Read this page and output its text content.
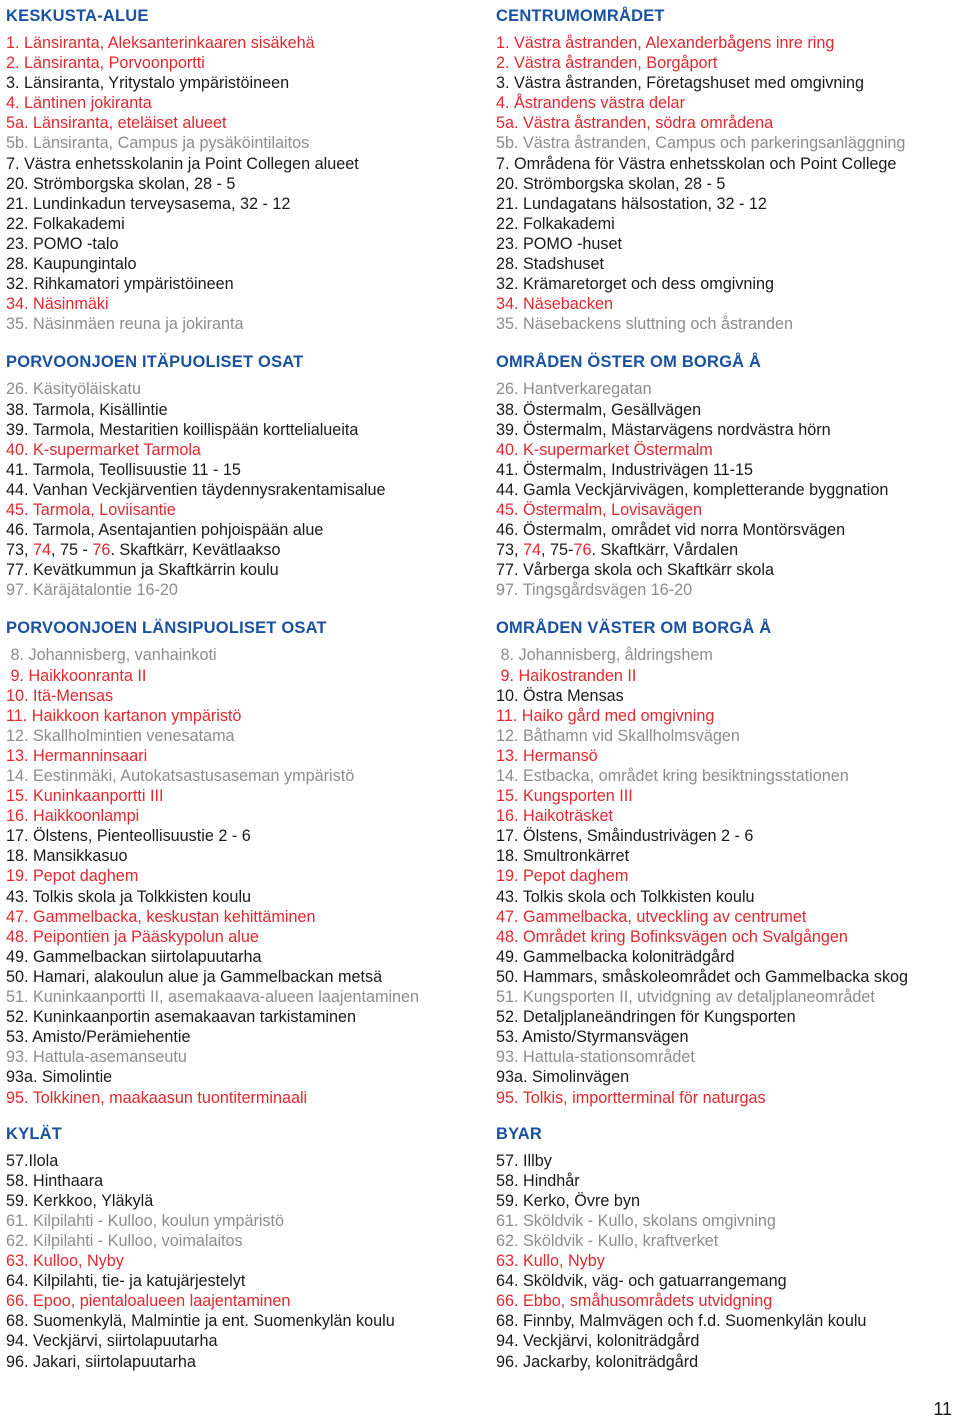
KESKUSTA-ALUE
1. Länsiranta, Aleksanterinkaaren sisäkehä
2. Länsiranta, Porvoonportti
3. Länsiranta, Yritystalo ympäristöineen
4. Läntinen jokiranta
5a. Länsiranta, eteläiset alueet
5b. Länsiranta, Campus ja pysäköintilaitos
7. Västra enhetsskolanin ja Point Collegen alueet
20. Strömborgska skolan, 28 - 5
21. Lundinkadun terveysasema, 32 - 12
22. Folkakademi
23. POMO -talo
28. Kaupungintalo
32. Rihkamatori ympäristöineen
34. Näsinmäki
35. Näsinmäen reuna ja jokiranta
PORVOONJOEN ITÄPUOLISET OSAT
26. Käsityöläiskatu
38. Tarmola, Kisällintie
39. Tarmola, Mestaritien koillispään korttelialueita
40. K-supermarket Tarmola
41. Tarmola, Teollisuustie 11 - 15
44. Vanhan Veckjärventien täydennysrakentamisalue
45. Tarmola, Loviisantie
46. Tarmola, Asentajantien pohjoispään alue
73, 74, 75 - 76. Skaftkärr, Kevätlaakso
77. Kevätkummun ja Skaftkärrin koulu
97. Käräjätalontie 16-20
PORVOONJOEN LÄNSIPUOLISET OSAT
8. Johannisberg, vanhainkoti
9. Haikkoonranta II
10. Itä-Mensas
11. Haikkoon kartanon ympäristö
12. Skallholmintien venesatama
13. Hermanninsaari
14. Eestinmäki, Autokatsastusaseman ympäristö
15. Kuninkaanportti III
16. Haikkoonlampi
17. Ölstens, Pienteollisuustie 2 - 6
18. Mansikkasuo
19. Pepot daghem
43. Tolkis skola ja Tolkkisten koulu
47. Gammelbacka, keskustan kehittäminen
48. Peipontien ja Pääskypolun alue
49. Gammelbackan siirtolapuutarha
50. Hamari, alakoulun alue ja Gammelbackan metsä
51. Kuninkaanportti II, asemakaava-alueen laajentaminen
52. Kuninkaanportin asemakaavan tarkistaminen
53. Amisto/Perämiehentie
93. Hattula-asemanseutu
93a. Simolintie
95. Tolkkinen, maakaasun tuontiterminaali
KYLÄT
57.Ilola
58. Hinthaara
59. Kerkkoo, Yläkylä
61. Kilpilahti - Kulloo, koulun ympäristö
62. Kilpilahti - Kulloo, voimalaitos
63. Kulloo, Nyby
64. Kilpilahti, tie- ja katujärjestelyt
66. Epoo, pientaloalueen laajentaminen
68. Suomenkylä, Malmintie ja ent. Suomenkylän koulu
94. Veckjärvi, siirtolapuutarha
96. Jakari, siirtolapuutarha
CENTRUMOMRÅDET
1. Västra åstranden, Alexanderbågens inre ring
2. Västra åstranden, Borgåport
3. Västra åstranden, Företagshuset med omgivning
4. Åstrandens västra delar
5a. Västra åstranden, södra områdena
5b. Västra åstranden, Campus och parkeringsanläggning
7. Områdena för Västra enhetsskolan och Point College
20. Strömborgska skolan, 28 - 5
21. Lundagatans hälsostation, 32 - 12
22. Folkakademi
23. POMO -huset
28. Stadshuset
32. Krämaretorget och dess omgivning
34. Näsebacken
35. Näsebackens sluttning och åstranden
OMRÅDEN ÖSTER OM BORGÅ Å
26. Hantverkaregatan
38. Östermalm, Gesällvägen
39. Östermalm, Mästarvägens nordvästra hörn
40. K-supermarket Östermalm
41. Östermalm, Industrivägen 11-15
44. Gamla Veckjärvivägen, kompletterande byggnation
45. Östermalm, Lovisavägen
46. Östermalm, området vid norra Montörsvägen
73, 74, 75-76. Skaftkärr, Vårdalen
77. Vårberga skola och Skaftkärr skola
97. Tingsgårdsvägen 16-20
OMRÅDEN VÄSTER OM BORGÅ Å
8. Johannisberg, åldringshem
9. Haikostranden II
10. Östra Mensas
11. Haiko gård med omgivning
12. Båthamn vid Skallholmsvägen
13. Hermansö
14. Estbacka, området kring besiktningsstationen
15. Kungsporten III
16. Haikoträsket
17. Ölstens, Småindustrivägen 2 - 6
18. Smultronkärret
19. Pepot daghem
43. Tolkis skola och Tolkkisten koulu
47. Gammelbacka, utveckling av centrumet
48. Området kring Bofinksvägen och Svalgången
49. Gammelbacka koloniträdgård
50. Hammars, småskoleområdet och Gammelbacka skog
51. Kungsporten II, utvidgning av detaljplaneområdet
52. Detaljplaneändringen för Kungsporten
53. Amisto/Styrmansvägen
93. Hattula-stationsområdet
93a. Simolinvägen
95. Tolkis, importterminal för naturgas
BYAR
57. Illby
58. Hindhår
59. Kerko, Övre byn
61. Sköldvik - Kullo, skolans omgivning
62. Sköldvik - Kullo, kraftverket
63. Kullo, Nyby
64. Sköldvik, väg- och gatuarrangemang
66. Ebbo, småhusområdets utvidgning
68. Finnby, Malmvägen och f.d. Suomenkylän koulu
94. Veckjärvi, koloniträdgård
96. Jackarby, koloniträdgård
11
